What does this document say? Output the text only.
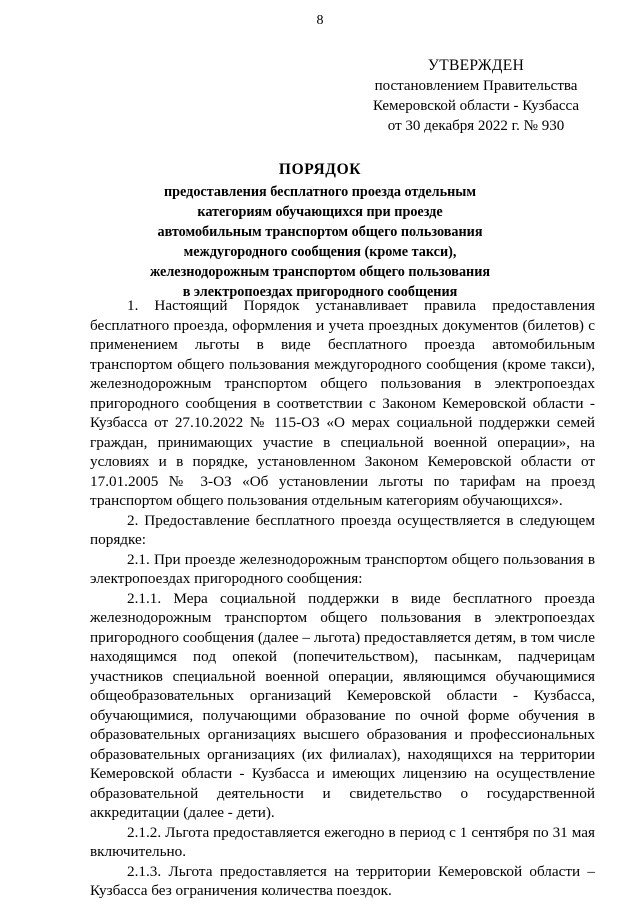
8
УТВЕРЖДЕН
постановлением Правительства
Кемеровской области - Кузбасса
от 30 декабря 2022 г. № 930
ПОРЯДОК
предоставления бесплатного проезда отдельным
категориям обучающихся при проезде
автомобильным транспортом общего пользования
междугородного сообщения (кроме такси),
железнодорожным транспортом общего пользования
в электропоездах пригородного сообщения

1. Настоящий Порядок устанавливает правила предоставления бесплатного проезда, оформления и учета проездных документов (билетов) с применением льготы в виде бесплатного проезда автомобильным транспортом общего пользования междугородного сообщения (кроме такси), железнодорожным транспортом общего пользования в электропоездах пригородного сообщения в соответствии с Законом Кемеровской области - Кузбасса от 27.10.2022 № 115-ОЗ «О мерах социальной поддержки семей граждан, принимающих участие в специальной военной операции», на условиях и в порядке, установленном Законом Кемеровской области от 17.01.2005 № 3-ОЗ «Об установлении льготы по тарифам на проезд транспортом общего пользования отдельным категориям обучающихся».

2. Предоставление бесплатного проезда осуществляется в следующем порядке:

2.1. При проезде железнодорожным транспортом общего пользования в электропоездах пригородного сообщения:

2.1.1. Мера социальной поддержки в виде бесплатного проезда железнодорожным транспортом общего пользования в электропоездах пригородного сообщения (далее – льгота) предоставляется детям, в том числе находящимся под опекой (попечительством), пасынкам, падчерицам участников специальной военной операции, являющимся обучающимися общеобразовательных организаций Кемеровской области - Кузбасса, обучающимися, получающими образование по очной форме обучения в образовательных организациях высшего образования и профессиональных образовательных организациях (их филиалах), находящихся на территории Кемеровской области - Кузбасса и имеющих лицензию на осуществление образовательной деятельности и свидетельство о государственной аккредитации (далее - дети).

2.1.2. Льгота предоставляется ежегодно в период с 1 сентября по 31 мая включительно.

2.1.3. Льгота предоставляется на территории Кемеровской области – Кузбасса без ограничения количества поездок.
